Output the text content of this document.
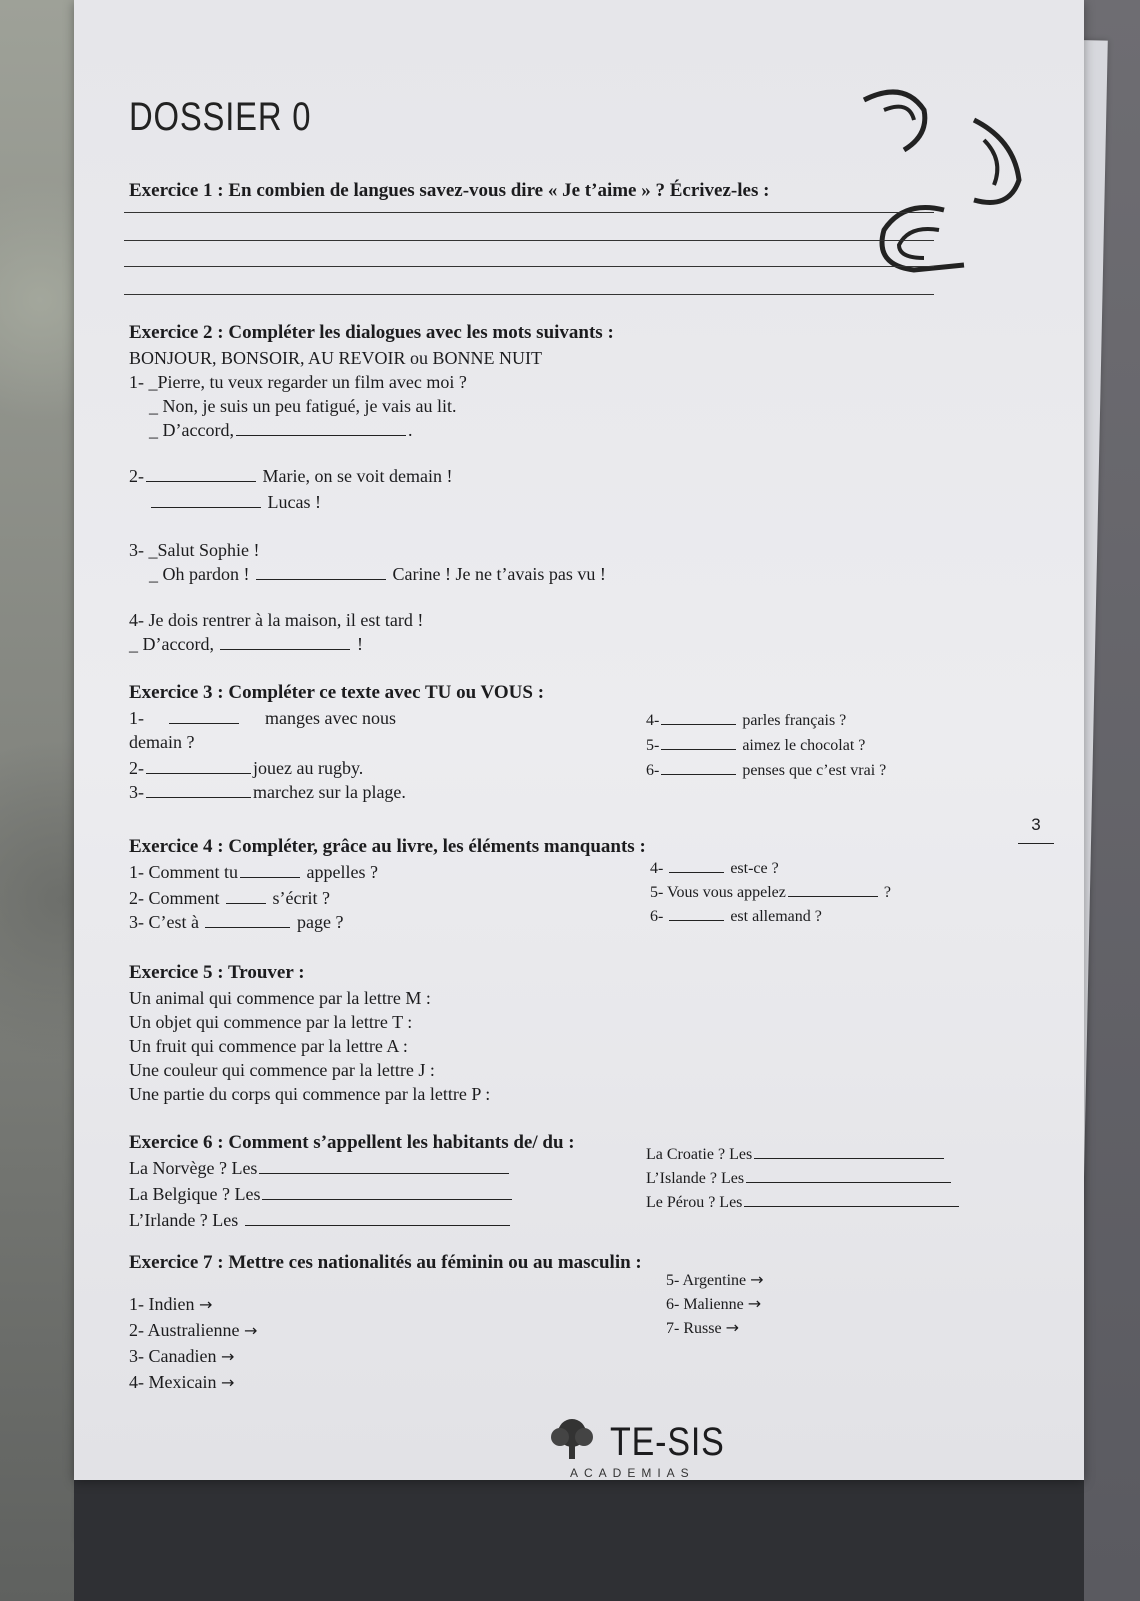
DOSSIER 0
Exercice 1 : En combien de langues savez-vous dire « Je t’aime » ? Écrivez-les :
Exercice 2 : Compléter les dialogues avec les mots suivants :
BONJOUR, BONSOIR, AU REVOIR ou BONNE NUIT
1- _Pierre, tu veux regarder un film avec moi ?
_ Non, je suis un peu fatigué, je vais au lit.
_ D’accord,	.
2-	Marie, on se voit demain !
Lucas !
3- _Salut Sophie !
_ Oh pardon !	Carine ! Je ne t’avais pas vu !
4- Je dois rentrer à la maison, il est tard !
_ D’accord,	!
Exercice 3 : Compléter ce texte avec TU ou VOUS :
1-	manges avec nous
demain ?
2-	jouez au rugby.
3-	marchez sur la plage.
4-	parles français ?
5-	aimez le chocolat ?
6-	penses que c’est vrai ?
3
Exercice 4 : Compléter, grâce au livre, les éléments manquants :
1- Comment tu	appelles ?
2- Comment	s’écrit ?
3- C’est à	page ?
4-	est-ce ?
5- Vous vous appelez	?
6-	est allemand ?
Exercice 5 : Trouver :
Un animal qui commence par la lettre M :
Un objet qui commence par la lettre T :
Un fruit qui commence par la lettre A :
Une couleur qui commence par la lettre J :
Une partie du corps qui commence par la lettre P :
Exercice 6 : Comment s’appellent les habitants de/ du :
La Norvège ? Les
La Belgique ? Les
L’Irlande ? Les
La Croatie ? Les
L’Islande ? Les
Le Pérou ? Les
Exercice 7 : Mettre ces nationalités au féminin ou au masculin :
1- Indien →
2- Australienne →
3- Canadien →
4- Mexicain →
5- Argentine →
6- Malienne →
7- Russe →
TE-SIS
ACADEMIAS
